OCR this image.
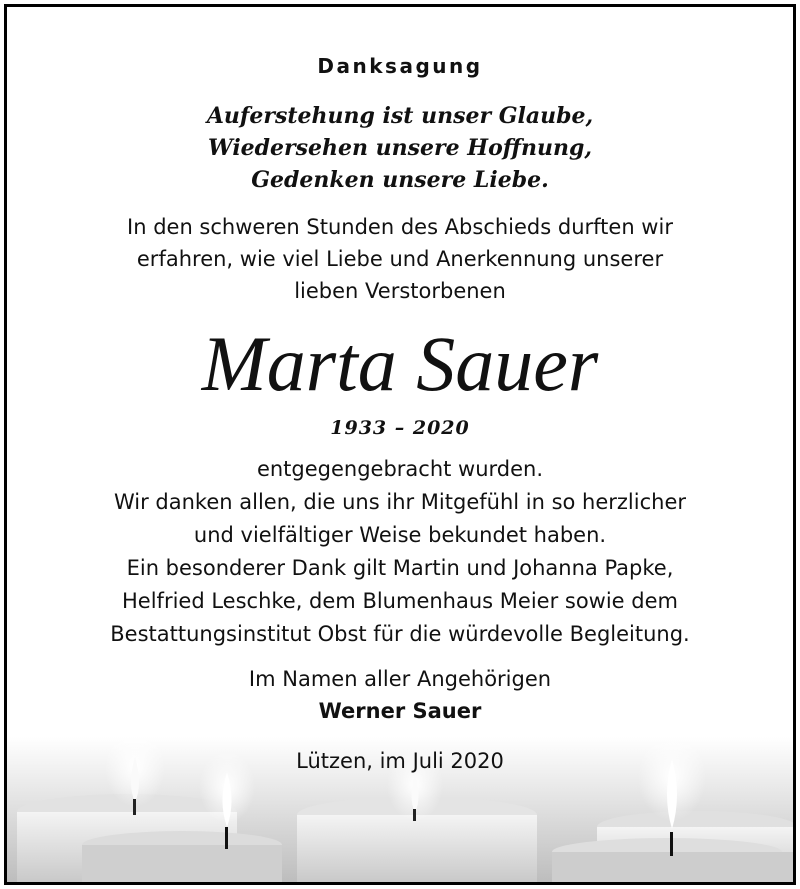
Danksagung
Auferstehung ist unser Glaube,
Wiedersehen unsere Hoffnung,
Gedenken unsere Liebe.
In den schweren Stunden des Abschieds durften wir
erfahren, wie viel Liebe und Anerkennung unserer
lieben Verstorbenen
Marta Sauer
1933 – 2020
entgegengebracht wurden.
Wir danken allen, die uns ihr Mitgefühl in so herzlicher
und vielfältiger Weise bekundet haben.
Ein besonderer Dank gilt Martin und Johanna Papke,
Helfried Leschke, dem Blumenhaus Meier sowie dem
Bestattungsinstitut Obst für die würdevolle Begleitung.
Im Namen aller Angehörigen
Werner Sauer
Lützen, im Juli 2020
